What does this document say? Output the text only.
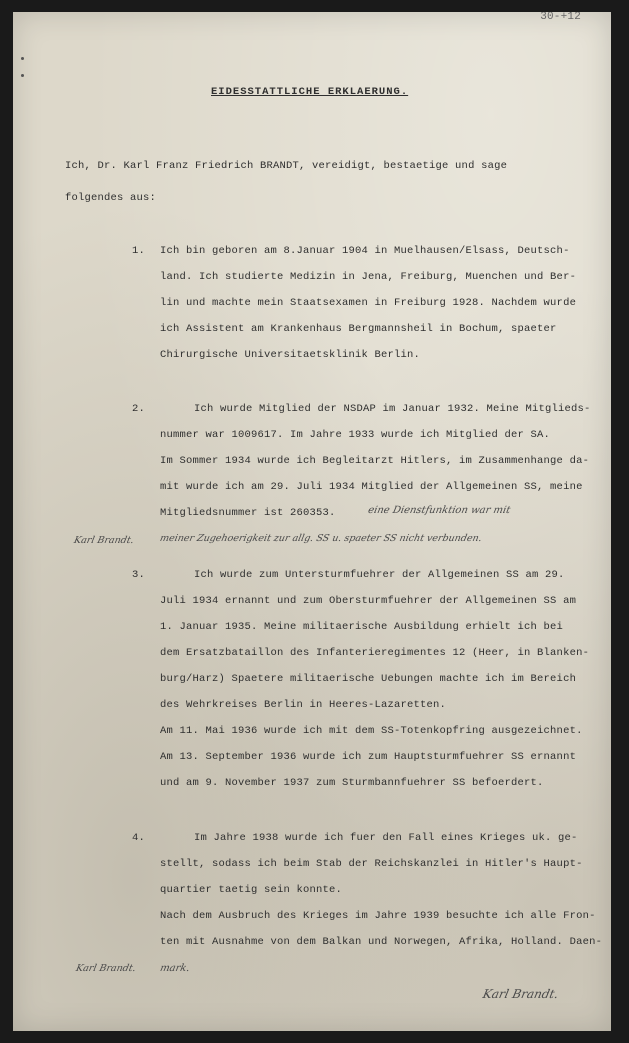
30-+12
EIDESSTATTLICHE ERKLAERUNG.
Ich, Dr. Karl Franz Friedrich BRANDT, vereidigt, bestaetige und sage
folgendes aus:
1. Ich bin geboren am 8.Januar 1904 in Muelhausen/Elsass, Deutsch-
land. Ich studierte Medizin in Jena, Freiburg, Muenchen und Ber-
lin und machte mein Staatsexamen in Freiburg 1928. Nachdem wurde
ich Assistent am Krankenhaus Bergmannsheil in Bochum, spaeter
Chirurgische Universitaetsklinik Berlin.
2.	Ich wurde Mitglied der NSDAP im Januar 1932. Meine Mitglieds-
nummer war 1009617. Im Jahre 1933 wurde ich Mitglied der SA.
Im Sommer 1934 wurde ich Begleitarzt Hitlers, im Zusammenhange da-
mit wurde ich am 29. Juli 1934 Mitglied der Allgemeinen SS, meine
Mitgliedsnummer ist 260353.	eine Dienstfunktion war mit
Karl Brandt.	meiner Zugehoerigkeit zur allg. SS u. spaeter SS nicht verbunden.
3.	Ich wurde zum Untersturmfuehrer der Allgemeinen SS am 29.
Juli 1934 ernannt und zum Obersturmfuehrer der Allgemeinen SS am
1. Januar 1935. Meine militaerische Ausbildung erhielt ich bei
dem Ersatzbataillon des Infanterieregimentes 12 (Heer, in Blanken-
burg/Harz) Spaetere militaerische Uebungen machte ich im Bereich
des Wehrkreises Berlin in Heeres-Lazaretten.
Am 11. Mai 1936 wurde ich mit dem SS-Totenkopfring ausgezeichnet.
Am 13. September 1936 wurde ich zum Hauptsturmfuehrer SS ernannt
und am 9. November 1937 zum Sturmbannfuehrer SS befoerdert.
4.	Im Jahre 1938 wurde ich fuer den Fall eines Krieges uk. ge-
stellt, sodass ich beim Stab der Reichskanzlei in Hitler's Haupt-
quartier taetig sein konnte.
Nach dem Ausbruch des Krieges im Jahre 1939 besuchte ich alle Fron-
ten mit Ausnahme von dem Balkan und Norwegen, Afrika, Holland. Daen-
Karl Brandt. mark.
Karl Brandt.
